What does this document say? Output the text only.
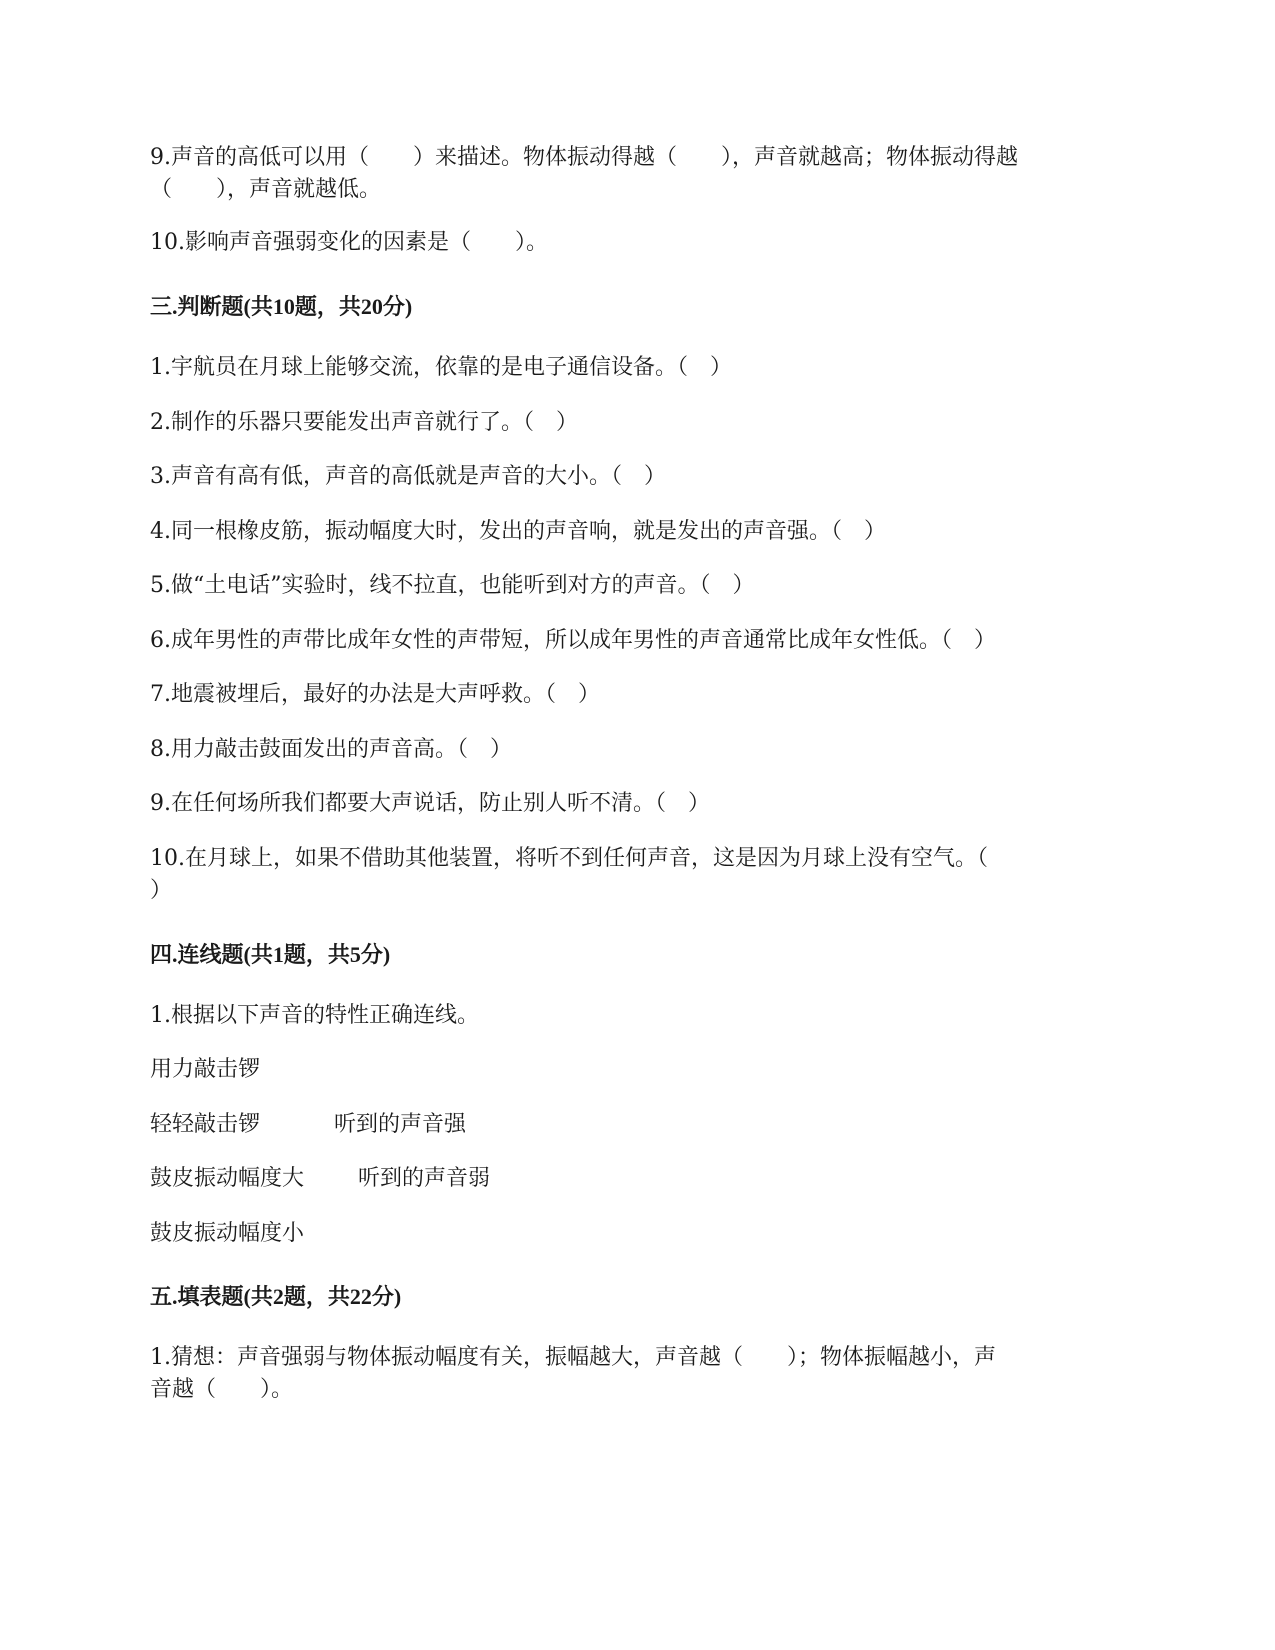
9.声音的高低可以用（　　）来描述。物体振动得越（　　），声音就越高；物体振动得越
（　　），声音就越低。
10.影响声音强弱变化的因素是（　　）。
三.判断题(共10题，共20分)
1.宇航员在月球上能够交流，依靠的是电子通信设备。（　）
2.制作的乐器只要能发出声音就行了。（　）
3.声音有高有低，声音的高低就是声音的大小。（　）
4.同一根橡皮筋，振动幅度大时，发出的声音响，就是发出的声音强。（　）
5.做“土电话”实验时，线不拉直，也能听到对方的声音。（　）
6.成年男性的声带比成年女性的声带短，所以成年男性的声音通常比成年女性低。（　）
7.地震被埋后，最好的办法是大声呼救。（　）
8.用力敲击鼓面发出的声音高。（　）
9.在任何场所我们都要大声说话，防止别人听不清。（　）
10.在月球上，如果不借助其他装置，将听不到任何声音，这是因为月球上没有空气。（
）
四.连线题(共1题，共5分)
1.根据以下声音的特性正确连线。
用力敲击锣
轻轻敲击锣	听到的声音强
鼓皮振动幅度大 听到的声音弱
鼓皮振动幅度小
五.填表题(共2题，共22分)
1.猜想：声音强弱与物体振动幅度有关，振幅越大，声音越（　　）；物体振幅越小，声
音越（　　）。
